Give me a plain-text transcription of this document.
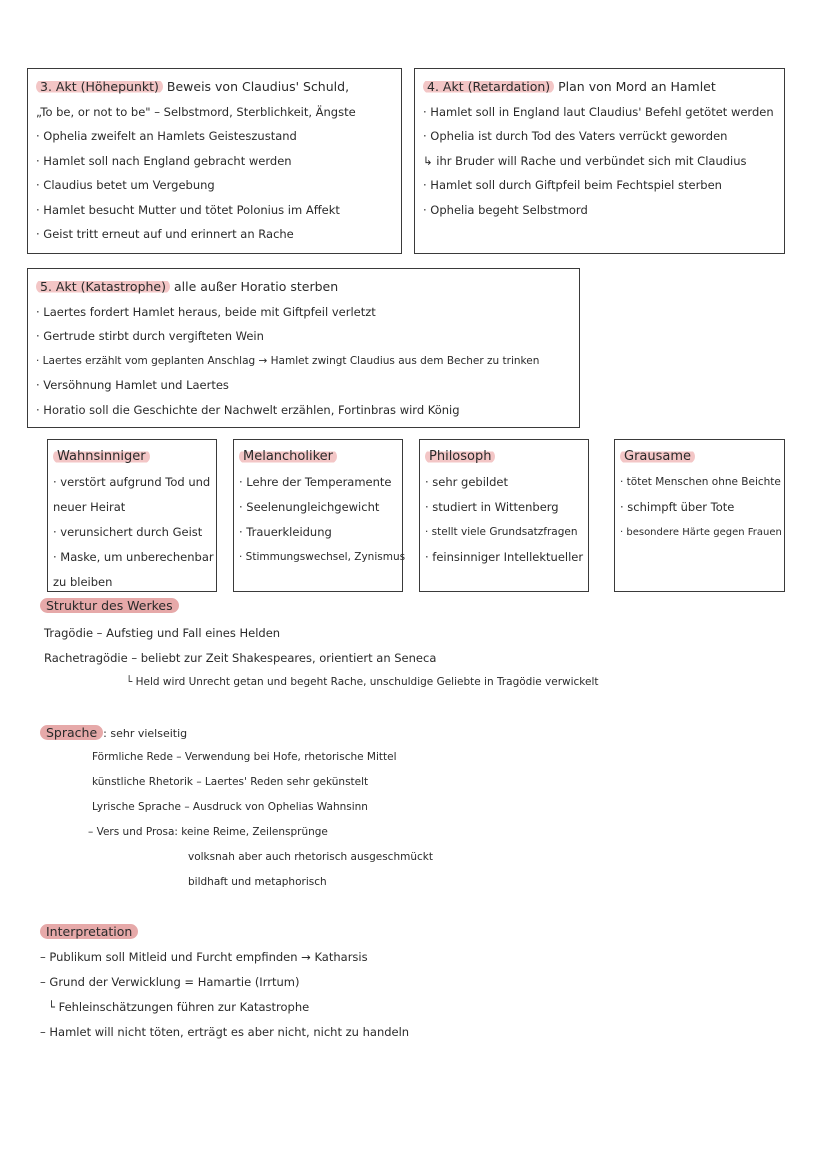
3. Akt (Höhepunkt) Beweis von Claudius' Schuld,
„To be, or not to be" – Selbstmord, Sterblichkeit, Ängste
· Ophelia zweifelt an Hamlets Geisteszustand
· Hamlet soll nach England gebracht werden
· Claudius betet um Vergebung
· Hamlet besucht Mutter und tötet Polonius im Affekt
· Geist tritt erneut auf und erinnert an Rache
4. Akt (Retardation) Plan von Mord an Hamlet
· Hamlet soll in England laut Claudius' Befehl getötet werden
· Ophelia ist durch Tod des Vaters verrückt geworden
↳ ihr Bruder will Rache und verbündet sich mit Claudius
· Hamlet soll durch Giftpfeil beim Fechtspiel sterben
· Ophelia begeht Selbstmord
5. Akt (Katastrophe) alle außer Horatio sterben
· Laertes fordert Hamlet heraus, beide mit Giftpfeil verletzt
· Gertrude stirbt durch vergifteten Wein
· Laertes erzählt vom geplanten Anschlag → Hamlet zwingt Claudius aus dem Becher zu trinken
· Versöhnung Hamlet und Laertes
· Horatio soll die Geschichte der Nachwelt erzählen, Fortinbras wird König
Wahnsinniger
· verstört aufgrund Tod und
neuer Heirat
· verunsichert durch Geist
· Maske, um unberechenbar
zu bleiben
Melancholiker
· Lehre der Temperamente
· Seelenungleichgewicht
· Trauerkleidung
· Stimmungswechsel, Zynismus
Philosoph
· sehr gebildet
· studiert in Wittenberg
· stellt viele Grundsatzfragen
· feinsinniger Intellektueller
Grausame
· tötet Menschen ohne Beichte
· schimpft über Tote
· besondere Härte gegen Frauen
Struktur des Werkes
Tragödie – Aufstieg und Fall eines Helden
Rachetragödie – beliebt zur Zeit Shakespeares, orientiert an Seneca
└ Held wird Unrecht getan und begeht Rache, unschuldige Geliebte in Tragödie verwickelt
Sprache : sehr vielseitig
Förmliche Rede – Verwendung bei Hofe, rhetorische Mittel
künstliche Rhetorik – Laertes' Reden sehr gekünstelt
Lyrische Sprache – Ausdruck von Ophelias Wahnsinn
– Vers und Prosa: keine Reime, Zeilensprünge
volksnah aber auch rhetorisch ausgeschmückt
bildhaft und metaphorisch
Interpretation
– Publikum soll Mitleid und Furcht empfinden → Katharsis
– Grund der Verwicklung = Hamartie (Irrtum)
└ Fehleinschätzungen führen zur Katastrophe
– Hamlet will nicht töten, erträgt es aber nicht, nicht zu handeln
